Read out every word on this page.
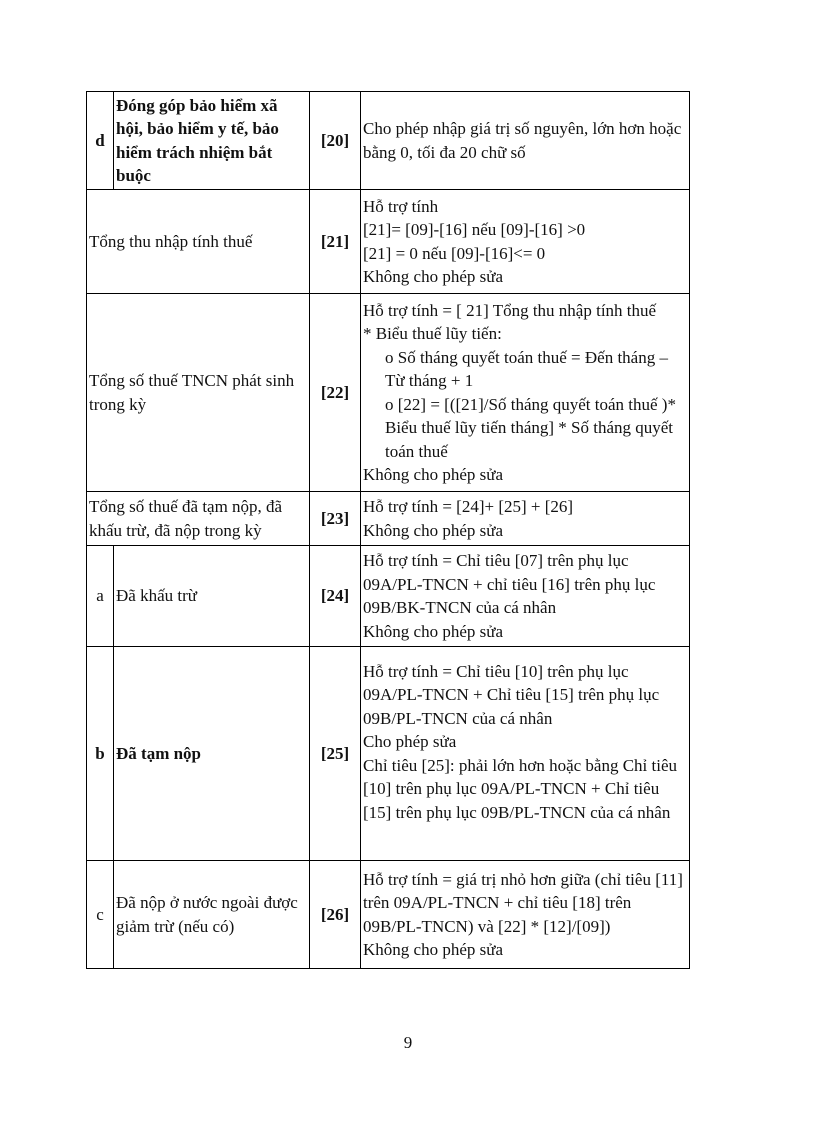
d	Đóng góp bảo hiểm xã hội, bảo hiểm y tế, bảo hiểm trách nhiệm bắt buộc	[20]	Cho phép nhập giá trị số nguyên, lớn hơn hoặc bằng 0, tối đa 20 chữ số

Tổng thu nhập tính thuế		[21]	Hỗ trợ tính
[21]= [09]-[16] nếu [09]-[16] >0
[21] = 0 nếu [09]-[16]<= 0
Không cho phép sửa

Tổng số thuế TNCN phát sinh trong kỳ		[22]	Hỗ trợ tính = [ 21] Tổng thu nhập tính thuế
* Biểu thuế lũy tiến:
o Số tháng quyết toán thuế = Đến tháng – Từ tháng + 1
o [22] = [([21]/Số tháng quyết toán thuế )* Biểu thuế lũy tiến tháng] * Số tháng quyết toán thuế
Không cho phép sửa

Tổng số thuế đã tạm nộp, đã khấu trừ, đã nộp trong kỳ		[23]	Hỗ trợ tính = [24]+ [25] + [26]
Không cho phép sửa

a	Đã khấu trừ	[24]	Hỗ trợ tính = Chỉ tiêu [07] trên phụ lục 09A/PL-TNCN + chỉ tiêu [16] trên phụ lục 09B/BK-TNCN của cá nhân
Không cho phép sửa

b	Đã tạm nộp	[25]	Hỗ trợ tính = Chỉ tiêu [10] trên phụ lục 09A/PL-TNCN + Chỉ tiêu [15] trên phụ lục 09B/PL-TNCN của cá nhân
Cho phép sửa
Chỉ tiêu [25]: phải lớn hơn hoặc bằng Chỉ tiêu [10] trên phụ lục 09A/PL-TNCN + Chỉ tiêu [15] trên phụ lục 09B/PL-TNCN của cá nhân

c	Đã nộp ở nước ngoài được giảm trừ (nếu có)	[26]	Hỗ trợ tính = giá trị nhỏ hơn giữa (chỉ tiêu [11] trên 09A/PL-TNCN + chỉ tiêu [18] trên 09B/PL-TNCN) và [22] * [12]/[09])
Không cho phép sửa
9
